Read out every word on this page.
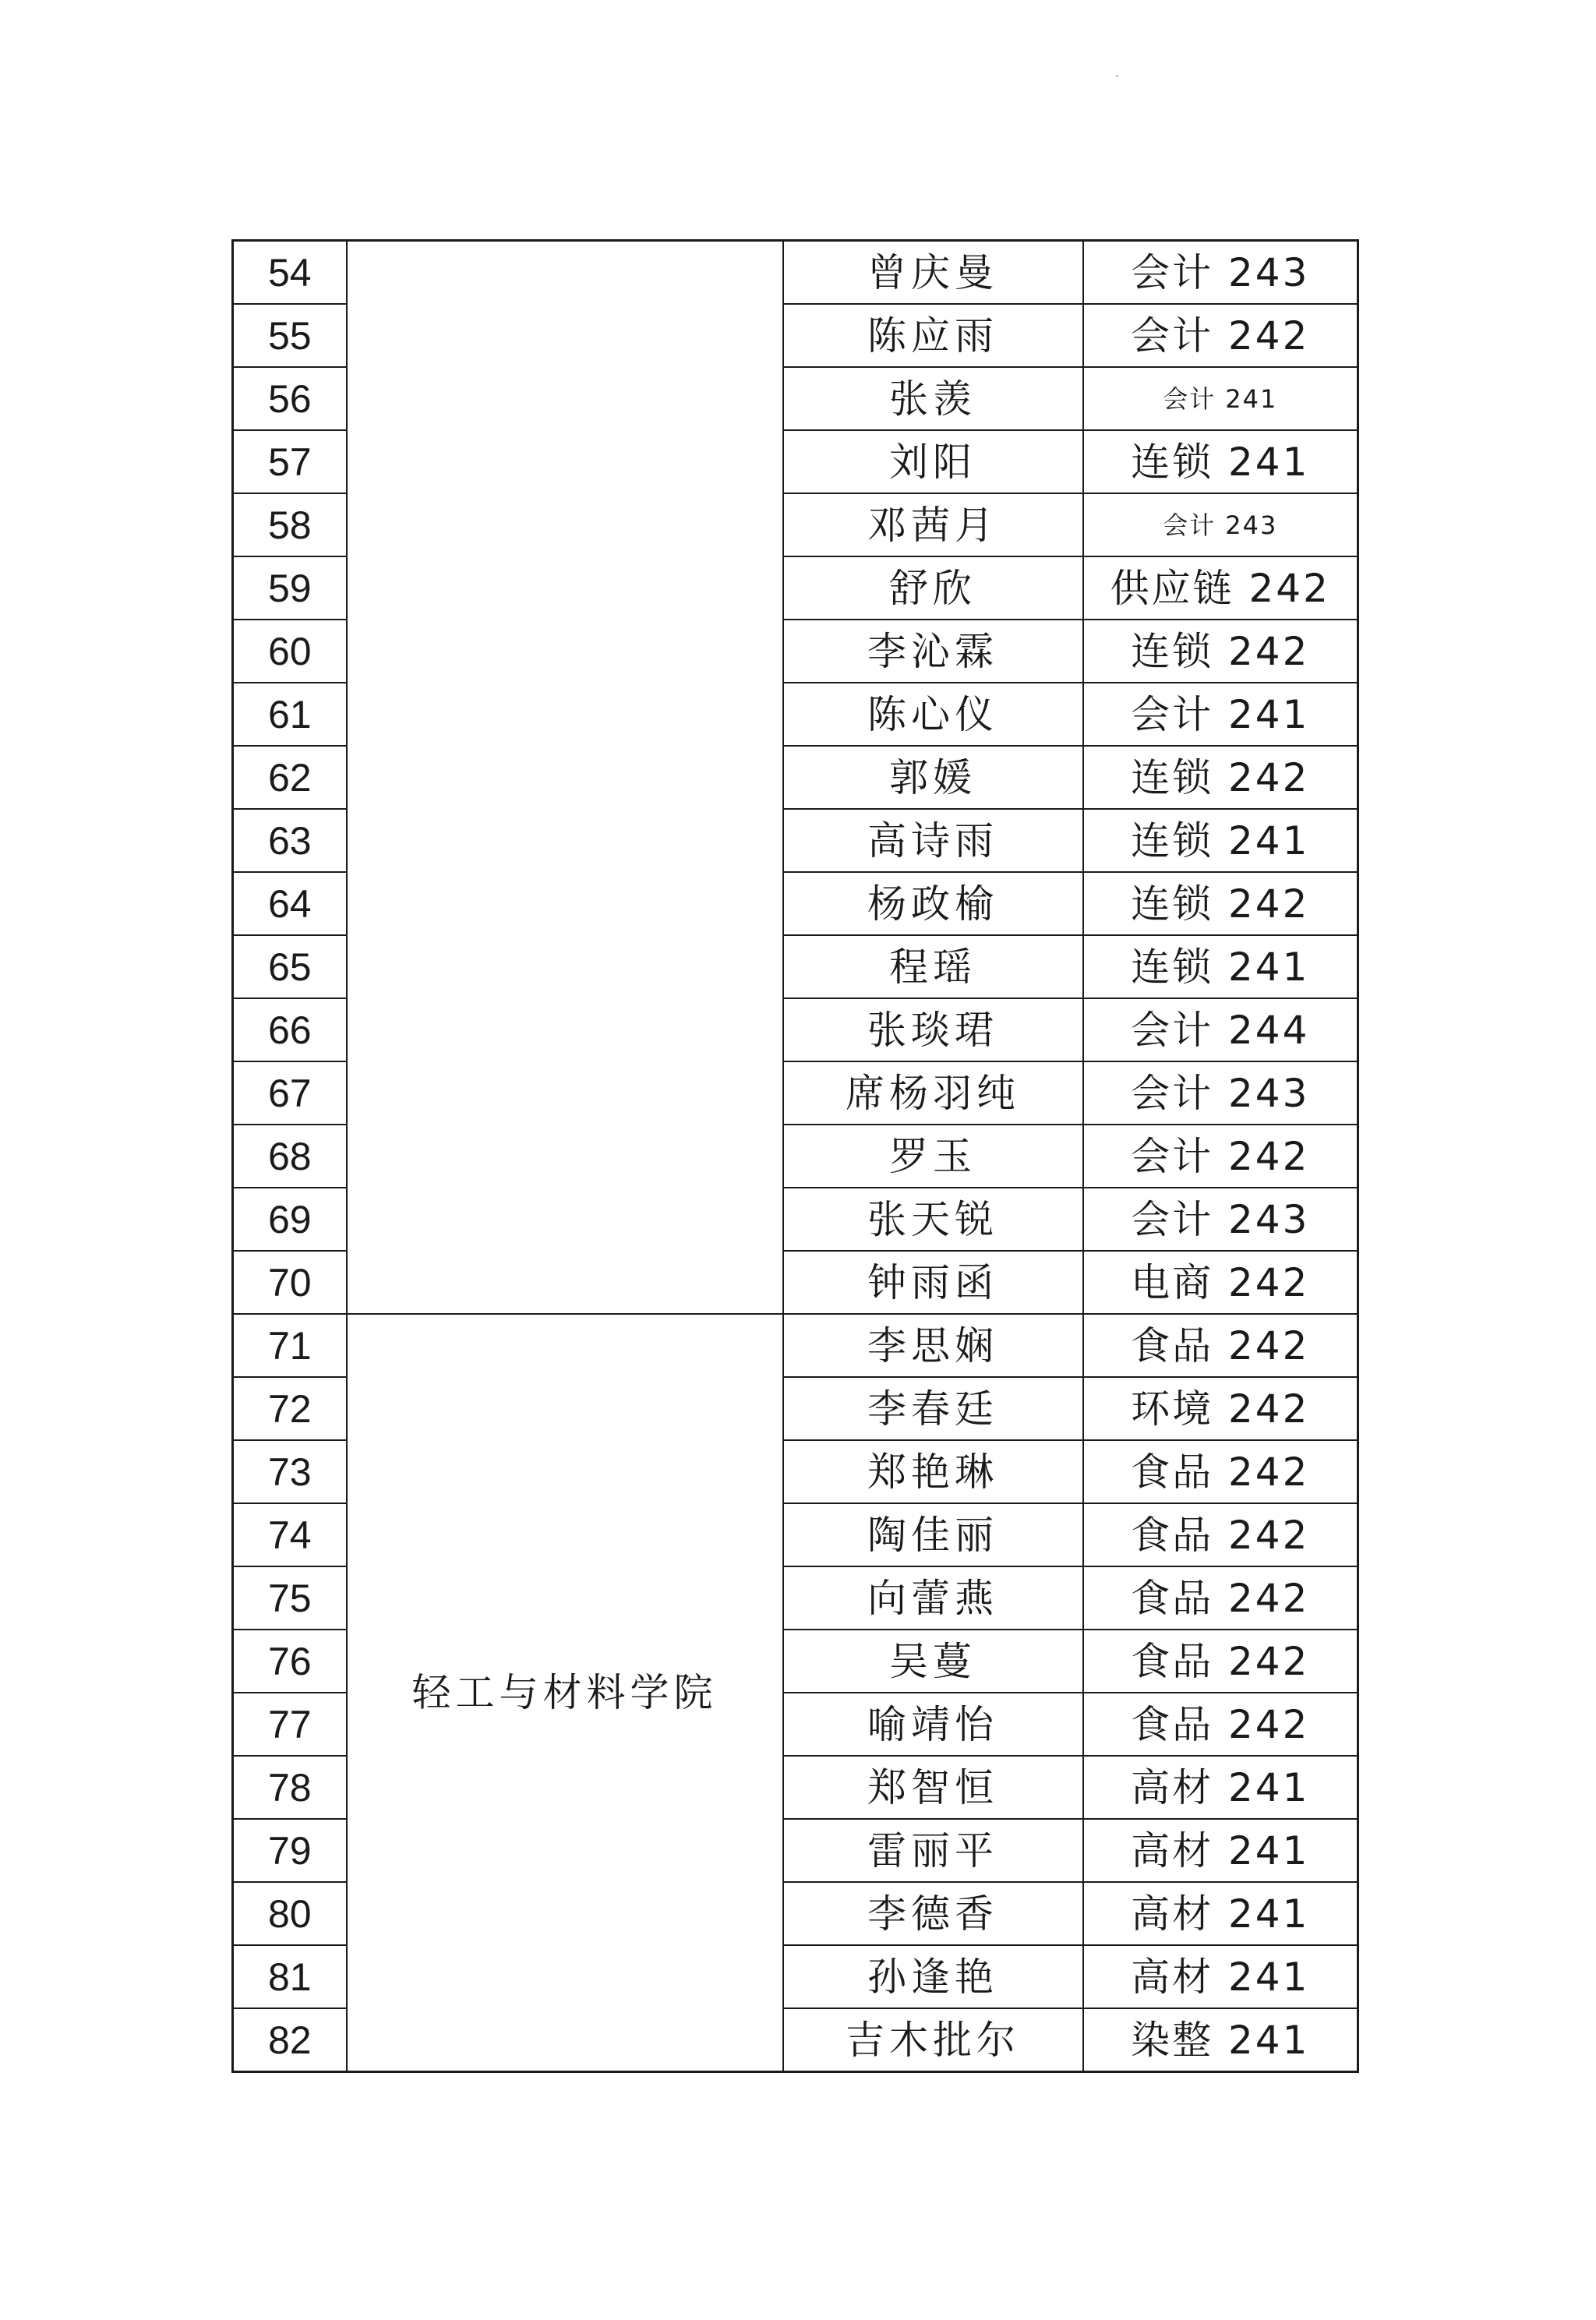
54		曾庆曼	会计 243
55		陈应雨	会计 242
56		张羡	会计 241
57		刘阳	连锁 241
58		邓茜月	会计 243
59		舒欣	供应链 242
60		李沁霖	连锁 242
61		陈心仪	会计 241
62		郭媛	连锁 242
63		高诗雨	连锁 241
64		杨政榆	连锁 242
65		程瑶	连锁 241
66		张琰珺	会计 244
67		席杨羽纯	会计 243
68		罗玉	会计 242
69		张天锐	会计 243
70		钟雨函	电商 242
71	轻工与材料学院	李思娴	食品 242
72		李春廷	环境 242
73		郑艳琳	食品 242
74		陶佳丽	食品 242
75		向蕾燕	食品 242
76		吴蔓	食品 242
77		喻靖怡	食品 242
78		郑智恒	高材 241
79		雷丽平	高材 241
80		李德香	高材 241
81		孙逢艳	高材 241
82		吉木批尔	染整 241
